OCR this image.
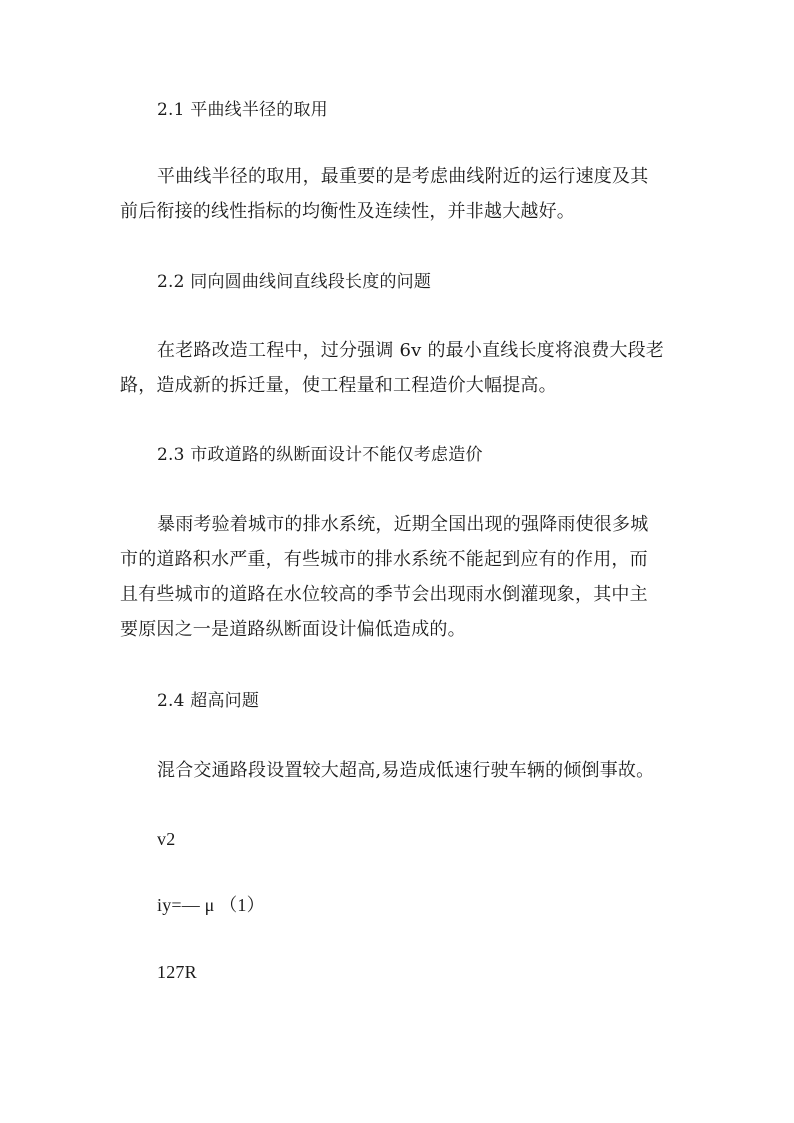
2.1 平曲线半径的取用
平曲线半径的取用，最重要的是考虑曲线附近的运行速度及其
前后衔接的线性指标的均衡性及连续性，并非越大越好。
2.2 同向圆曲线间直线段长度的问题
在老路改造工程中，过分强调 6v 的最小直线长度将浪费大段老
路，造成新的拆迁量，使工程量和工程造价大幅提高。
2.3 市政道路的纵断面设计不能仅考虑造价
暴雨考验着城市的排水系统，近期全国出现的强降雨使很多城
市的道路积水严重，有些城市的排水系统不能起到应有的作用，而
且有些城市的道路在水位较高的季节会出现雨水倒灌现象，其中主
要原因之一是道路纵断面设计偏低造成的。
2.4 超高问题
混合交通路段设置较大超高,易造成低速行驶车辆的倾倒事故。
v2
iy=— μ （1）
127R
